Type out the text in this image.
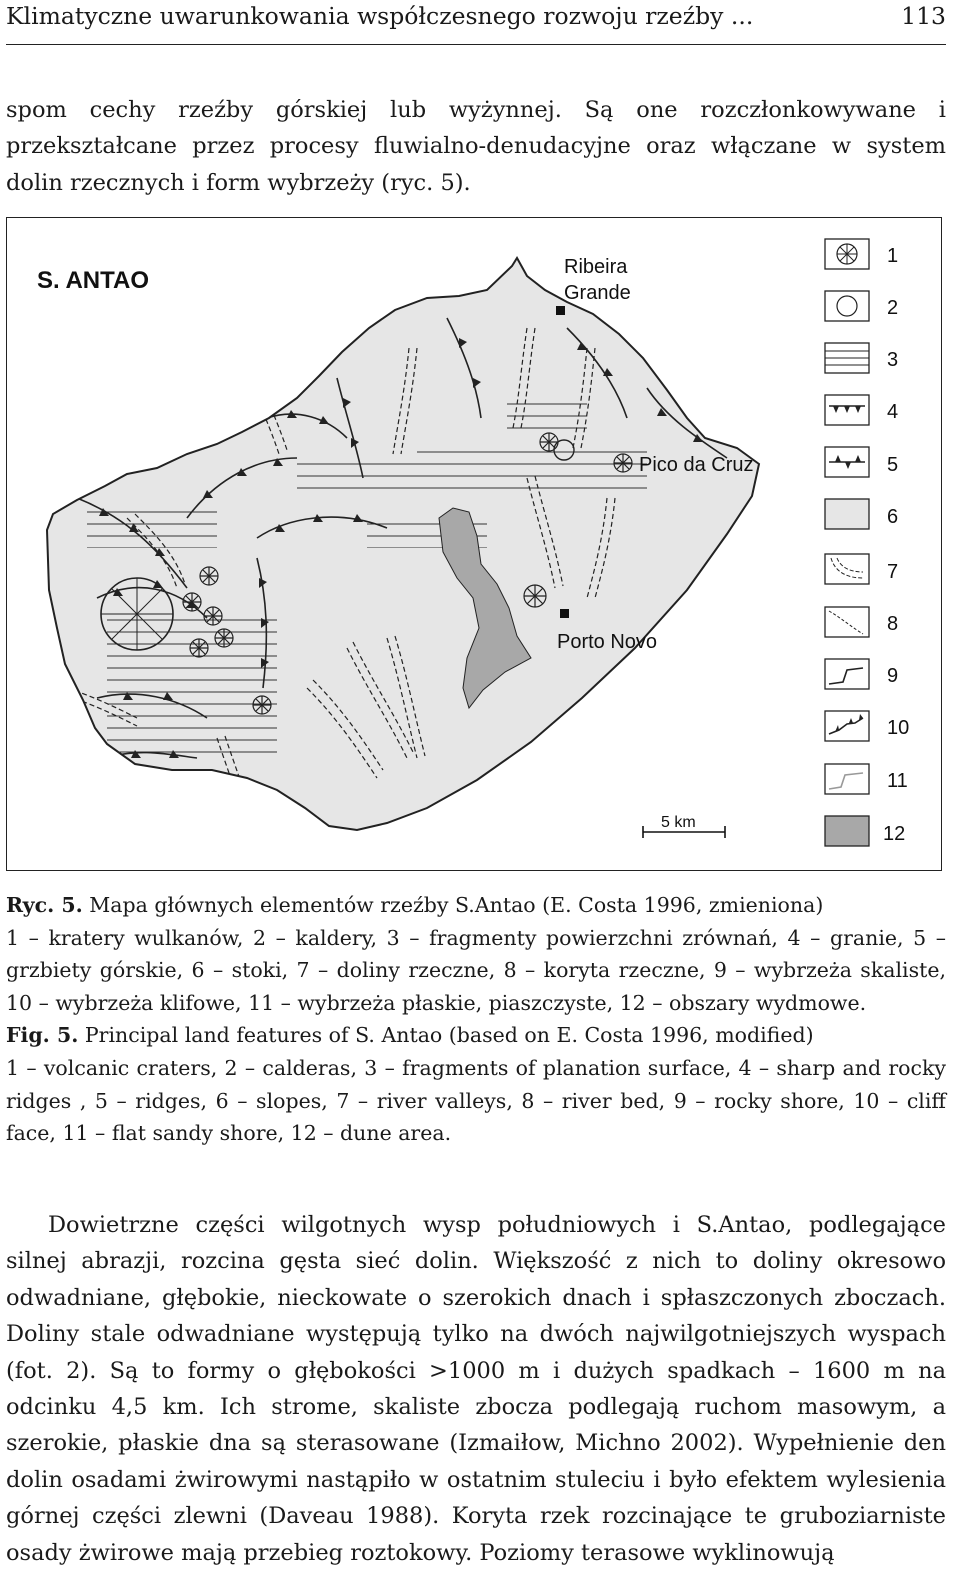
Klimatyczne uwarunkowania współczesnego rozwoju rzeźby ...	113

spom cechy rzeźby górskiej lub wyżynnej. Są one rozczłonkowywane i przekształcane przez procesy fluwialno-denudacyjne oraz włączane w system dolin rzecznych i form wybrzeży (ryc. 5).

S. ANTAO	Ribeira
Grande
Pico da Cruz
Porto Novo
5 km
1
2
3
4
5
6
7
8
9
10
11
12
Ryc. 5. Mapa głównych elementów rzeźby S.Antao (E. Costa 1996, zmieniona)
1 – kratery wulkanów, 2 – kaldery, 3 – fragmenty powierzchni zrównań, 4 – granie, 5 – grzbiety górskie, 6 – stoki, 7 – doliny rzeczne, 8 – koryta rzeczne, 9 – wybrzeża skaliste, 10 – wybrzeża klifowe, 11 – wybrzeża płaskie, piaszczyste, 12 – obszary wydmowe.
Fig. 5. Principal land features of S. Antao (based on E. Costa 1996, modified)
1 – volcanic craters, 2 – calderas, 3 – fragments of planation surface, 4 – sharp and rocky ridges , 5 – ridges, 6 – slopes, 7 – river valleys, 8 – river bed, 9 – rocky shore, 10 – cliff face, 11 – flat sandy shore, 12 – dune area.

Dowietrzne części wilgotnych wysp południowych i S.Antao, podlegające silnej abrazji, rozcina gęsta sieć dolin. Większość z nich to doliny okresowo odwadniane, głębokie, nieckowate o szerokich dnach i spłaszczonych zboczach. Doliny stale odwadniane występują tylko na dwóch najwilgotniejszych wyspach (fot. 2). Są to formy o głębokości >1000 m i dużych spadkach – 1600 m na odcinku 4,5 km. Ich strome, skaliste zbocza podlegają ruchom masowym, a szerokie, płaskie dna są sterasowane (Izmaiłow, Michno 2002). Wypełnienie den dolin osadami żwirowymi nastąpiło w ostatnim stuleciu i było efektem wylesienia górnej części zlewni (Daveau 1988). Koryta rzek rozcinające te gruboziarniste osady żwirowe mają przebieg roztokowy. Poziomy terasowe wyklinowują
